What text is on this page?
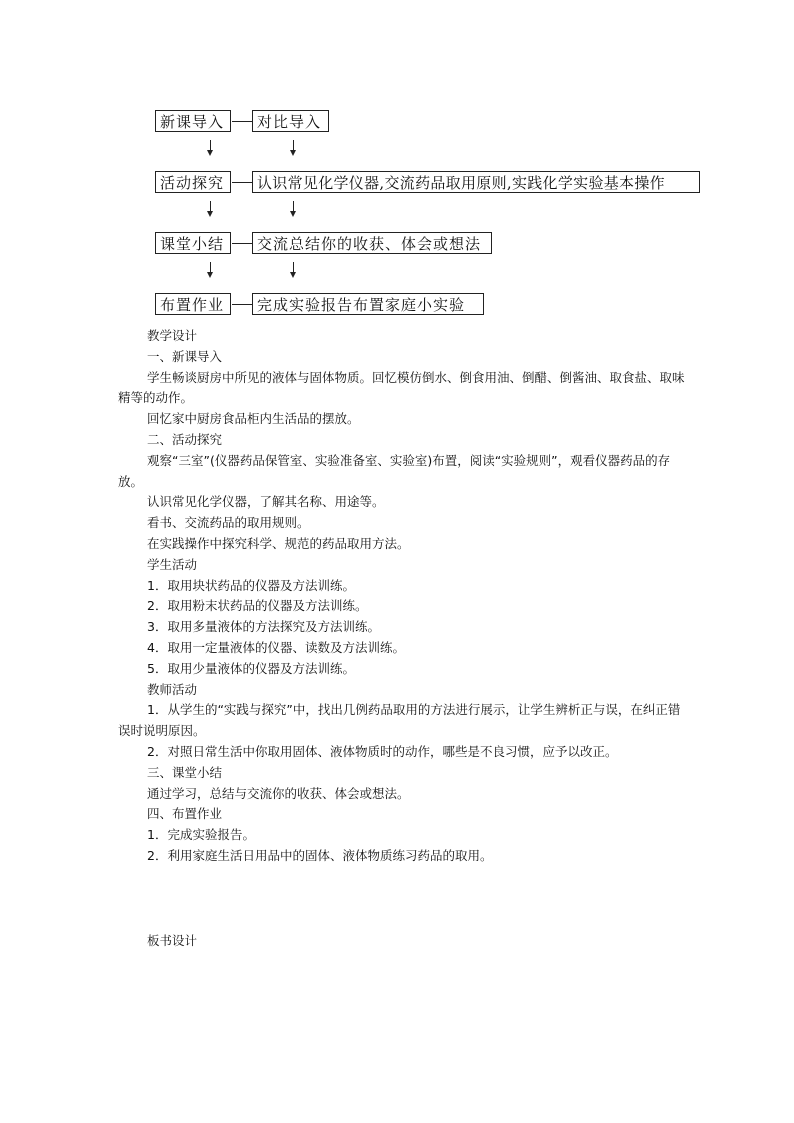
新课导入	对比导入
活动探究	认识常见化学仪器,交流药品取用原则,实践化学实验基本操作
课堂小结	交流总结你的收获、体会或想法
布置作业	完成实验报告布置家庭小实验

教学设计

一、新课导入

学生畅谈厨房中所见的液体与固体物质。回忆模仿倒水、倒食用油、倒醋、倒酱油、取食盐、取味精等的动作。

回忆家中厨房食品柜内生活品的摆放。

二、活动探究

观察“三室”(仪器药品保管室、实验准备室、实验室)布置，阅读“实验规则”，观看仪器药品的存放。

认识常见化学仪器，了解其名称、用途等。

看书、交流药品的取用规则。

在实践操作中探究科学、规范的药品取用方法。

学生活动

1．取用块状药品的仪器及方法训练。

2．取用粉末状药品的仪器及方法训练。

3．取用多量液体的方法探究及方法训练。

4．取用一定量液体的仪器、读数及方法训练。

5．取用少量液体的仪器及方法训练。

教师活动

1．从学生的“实践与探究”中，找出几例药品取用的方法进行展示，让学生辨析正与误，在纠正错误时说明原因。

2．对照日常生活中你取用固体、液体物质时的动作，哪些是不良习惯，应予以改正。

三、课堂小结

通过学习，总结与交流你的收获、体会或想法。

四、布置作业

1．完成实验报告。

2．利用家庭生活日用品中的固体、液体物质练习药品的取用。

板书设计
